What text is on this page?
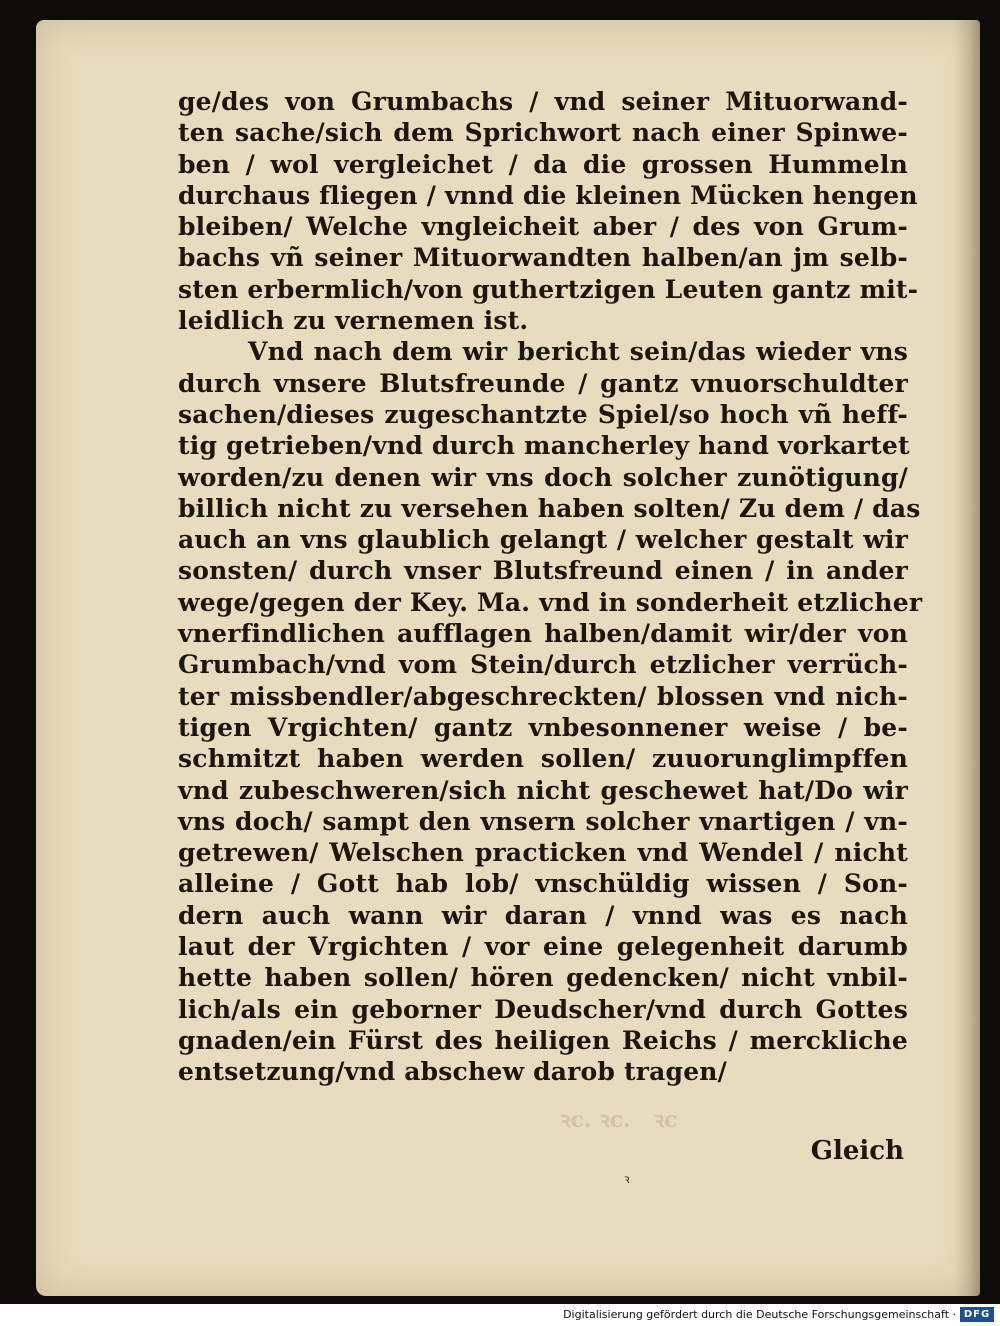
ꝛc. ꝛc.   ꝛc
ge/des von Grumbachs / vnd seiner Mituorwand-
ten sache/sich dem Sprichwort nach einer Spinwe-
ben / wol vergleichet / da die grossen Hummeln
durchaus fliegen / vnnd die kleinen Mücken hengen
bleiben/ Welche vngleicheit aber / des von Grum-
bachs vñ seiner Mituorwandten halben/an jm selb-
sten erbermlich/von guthertzigen Leuten gantz mit-
leidlich zu vernemen ist.
Vnd nach dem wir bericht sein/das wieder vns
durch vnsere Blutsfreunde / gantz vnuorschuldter
sachen/dieses zugeschantzte Spiel/so hoch vñ heff-
tig getrieben/vnd durch mancherley hand vorkartet
worden/zu denen wir vns doch solcher zunötigung/
billich nicht zu versehen haben solten/ Zu dem / das
auch an vns glaublich gelangt / welcher gestalt wir
sonsten/ durch vnser Blutsfreund einen / in ander
wege/gegen der Key. Ma. vnd in sonderheit etzlicher
vnerfindlichen aufflagen halben/damit wir/der von
Grumbach/vnd vom Stein/durch etzlicher verrüch-
ter missbendler/abgeschreckten/ blossen vnd nich-
tigen Vrgichten/ gantz vnbesonnener weise / be-
schmitzt haben werden sollen/ zuuorunglimpffen
vnd zubeschweren/sich nicht geschewet hat/Do wir
vns doch/ sampt den vnsern solcher vnartigen / vn-
getrewen/ Welschen practicken vnd Wendel / nicht
alleine / Gott hab lob/ vnschüldig wissen / Son-
dern auch wann wir daran / vnnd was es nach
laut der Vrgichten / vor eine gelegenheit darumb
hette haben sollen/ hören gedencken/ nicht vnbil-
lich/als ein geborner Deudscher/vnd durch Gottes
gnaden/ein Fürst des heiligen Reichs / merckliche
entsetzung/vnd abschew darob tragen/
Gleich
ꝛ
Digitalisierung gefördert durch die Deutsche Forschungsgemeinschaft · DFG
